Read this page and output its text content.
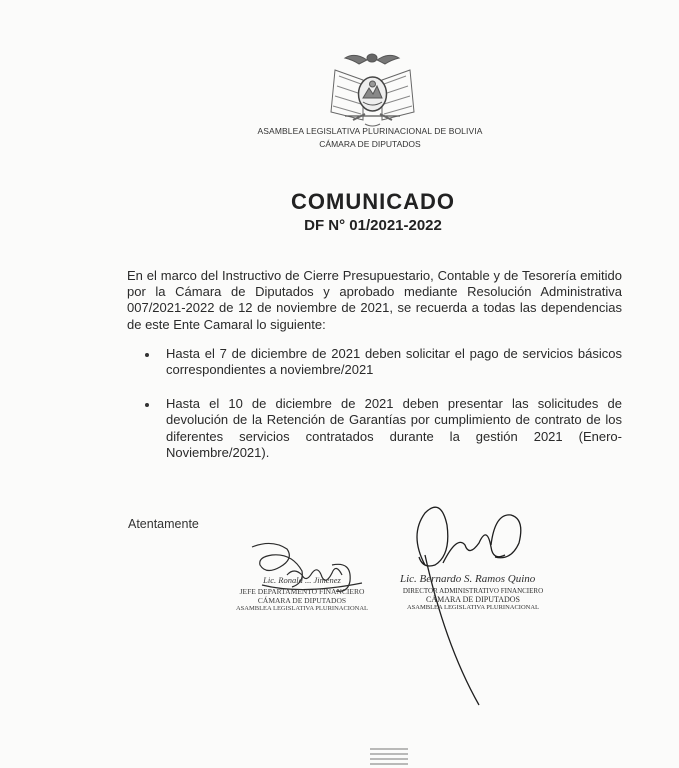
ASAMBLEA LEGISLATIVA PLURINACIONAL DE BOLIVIA
CÁMARA DE DIPUTADOS
COMUNICADO
DF N° 01/2021-2022
En el marco del Instructivo de Cierre Presupuestario, Contable y de Tesorería emitido por la Cámara de Diputados y aprobado mediante Resolución Administrativa 007/2021-2022 de 12 de noviembre de 2021, se recuerda a todas las dependencias de este Ente Camaral lo siguiente:
Hasta el 7 de diciembre de 2021 deben solicitar el pago de servicios básicos correspondientes a noviembre/2021
Hasta el 10 de diciembre de 2021 deben presentar las solicitudes de devolución de la Retención de Garantías por cumplimiento de contrato de los diferentes servicios contratados durante la gestión 2021 (Enero-Noviembre/2021).
Atentamente
Lic. Ronald ... Jiménez
JEFE DEPARTAMENTO FINANCIERO
CÁMARA DE DIPUTADOS
ASAMBLEA LEGISLATIVA PLURINACIONAL
Lic. Bernardo S. Ramos Quino
DIRECTOR ADMINISTRATIVO FINANCIERO
CÁMARA DE DIPUTADOS
ASAMBLEA LEGISLATIVA PLURINACIONAL
